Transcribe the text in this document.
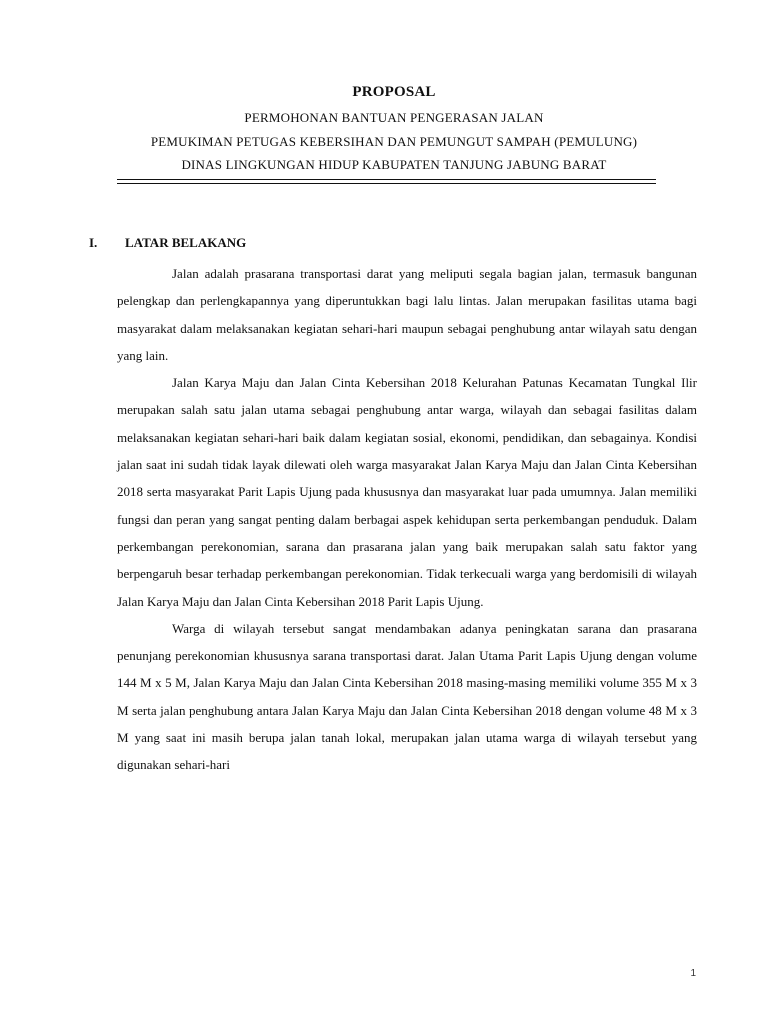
PROPOSAL
PERMOHONAN BANTUAN PENGERASAN JALAN
PEMUKIMAN PETUGAS KEBERSIHAN DAN PEMUNGUT SAMPAH (PEMULUNG)
DINAS LINGKUNGAN HIDUP KABUPATEN TANJUNG JABUNG BARAT
I. LATAR BELAKANG

Jalan adalah prasarana transportasi darat yang meliputi segala bagian jalan, termasuk bangunan pelengkap dan perlengkapannya yang diperuntukkan bagi lalu lintas. Jalan merupakan fasilitas utama bagi masyarakat dalam melaksanakan kegiatan sehari-hari maupun sebagai penghubung antar wilayah satu dengan yang lain.

Jalan Karya Maju dan Jalan Cinta Kebersihan 2018 Kelurahan Patunas Kecamatan Tungkal Ilir merupakan salah satu jalan utama sebagai penghubung antar warga, wilayah dan sebagai fasilitas dalam melaksanakan kegiatan sehari-hari baik dalam kegiatan sosial, ekonomi, pendidikan, dan sebagainya. Kondisi jalan saat ini sudah tidak layak dilewati oleh warga masyarakat Jalan Karya Maju dan Jalan Cinta Kebersihan 2018 serta masyarakat Parit Lapis Ujung pada khususnya dan masyarakat luar pada umumnya. Jalan memiliki fungsi dan peran yang sangat penting dalam berbagai aspek kehidupan serta perkembangan penduduk. Dalam perkembangan perekonomian, sarana dan prasarana jalan yang baik merupakan salah satu faktor yang berpengaruh besar terhadap perkembangan perekonomian. Tidak terkecuali warga yang berdomisili di wilayah Jalan Karya Maju dan Jalan Cinta Kebersihan 2018 Parit Lapis Ujung.

Warga di wilayah tersebut sangat mendambakan adanya peningkatan sarana dan prasarana penunjang perekonomian khususnya sarana transportasi darat. Jalan Utama Parit Lapis Ujung dengan volume 144 M x 5 M, Jalan Karya Maju dan Jalan Cinta Kebersihan 2018 masing-masing memiliki volume 355 M x 3 M serta jalan penghubung antara Jalan Karya Maju dan Jalan Cinta Kebersihan 2018 dengan volume 48 M x 3 M yang saat ini masih berupa jalan tanah lokal, merupakan jalan utama warga di wilayah tersebut yang digunakan sehari-hari

1
